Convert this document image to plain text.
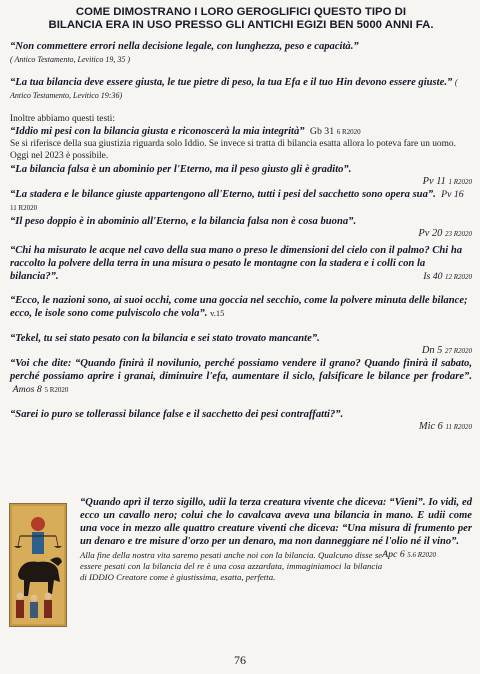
COME DIMOSTRANO I LORO GEROGLIFICI QUESTO TIPO DI
BILANCIA ERA IN USO PRESSO GLI ANTICHI EGIZI BEN 5000 ANNI FA.

“Non commettere errori nella decisione legale, con lunghezza, peso e capacità.”

( Antico Testamento, Levitico 19, 35 )

“La tua bilancia deve essere giusta, le tue pietre di peso, la tua Efa e il tuo Hin devono essere giuste.” ( Antico Testamento, Levitico 19:36)

Inoltre abbiamo questi testi:

“Iddio mi pesi con la bilancia giusta e riconoscerà la mia integrità” Gb 31 6 R2020

Se si riferisce della sua giustizia riguarda solo Iddio. Se invece si tratta di bilancia esatta allora lo poteva fare un uomo. Oggi nel 2023 è possibile.

“La bilancia falsa è un abominio per l'Eterno, ma il peso giusto gli è gradito”.

Pv 11 1 R2020

“La stadera e le bilance giuste appartengono all'Eterno, tutti i pesi del sacchetto sono opera sua”. Pv 16 11 R2020

“Il peso doppio è in abominio all'Eterno, e la bilancia falsa non è cosa buona”.

Pv 20 23 R2020

“Chi ha misurato le acque nel cavo della sua mano o preso le dimensioni del cielo con il palmo? Chi ha raccolto la polvere della terra in una misura o pesato le montagne con la stadera e i colli con la bilancia?”.	Is 40 12 R2020

“Ecco, le nazioni sono, ai suoi occhi, come una goccia nel secchio, come la polvere minuta delle bilance; ecco, le isole sono come pulviscolo che vola”. v.15

“Tekel, tu sei stato pesato con la bilancia e sei stato trovato mancante”.

Dn 5 27 R2020

“Voi che dite: “Quando finirà il novilunio, perché possiamo vendere il grano? Quando finirà il sabato, perché possiamo aprire i granai, diminuire l'efa, aumentare il siclo, falsificare le bilance per frodare”.  Amos 8 5 R2020

“Sarei io puro se tollerassi bilance false e il sacchetto dei pesi contraffatti?”.

Mic 6 11 R2020

“Quando aprì il terzo sigillo, udii la terza creatura vivente che diceva: “Vieni”. Io vidi, ed ecco un cavallo nero; colui che lo cavalcava aveva una bilancia in mano. E udii come una voce in mezzo alle quattro creature viventi che diceva: “Una misura di frumento per un denaro e tre misure d'orzo per un denaro, ma non danneggiare né l'olio né il vino”.
Apc 6 5.6 R2020

Alla fine della nostra vita saremo pesati anche noi con la bilancia. Qualcuno disse se essere pesati con la bilancia del re è una cosa azzardata, immaginiamoci la bilancia di IDDIO Creatore come è giustissima, esatta, perfetta.

76
